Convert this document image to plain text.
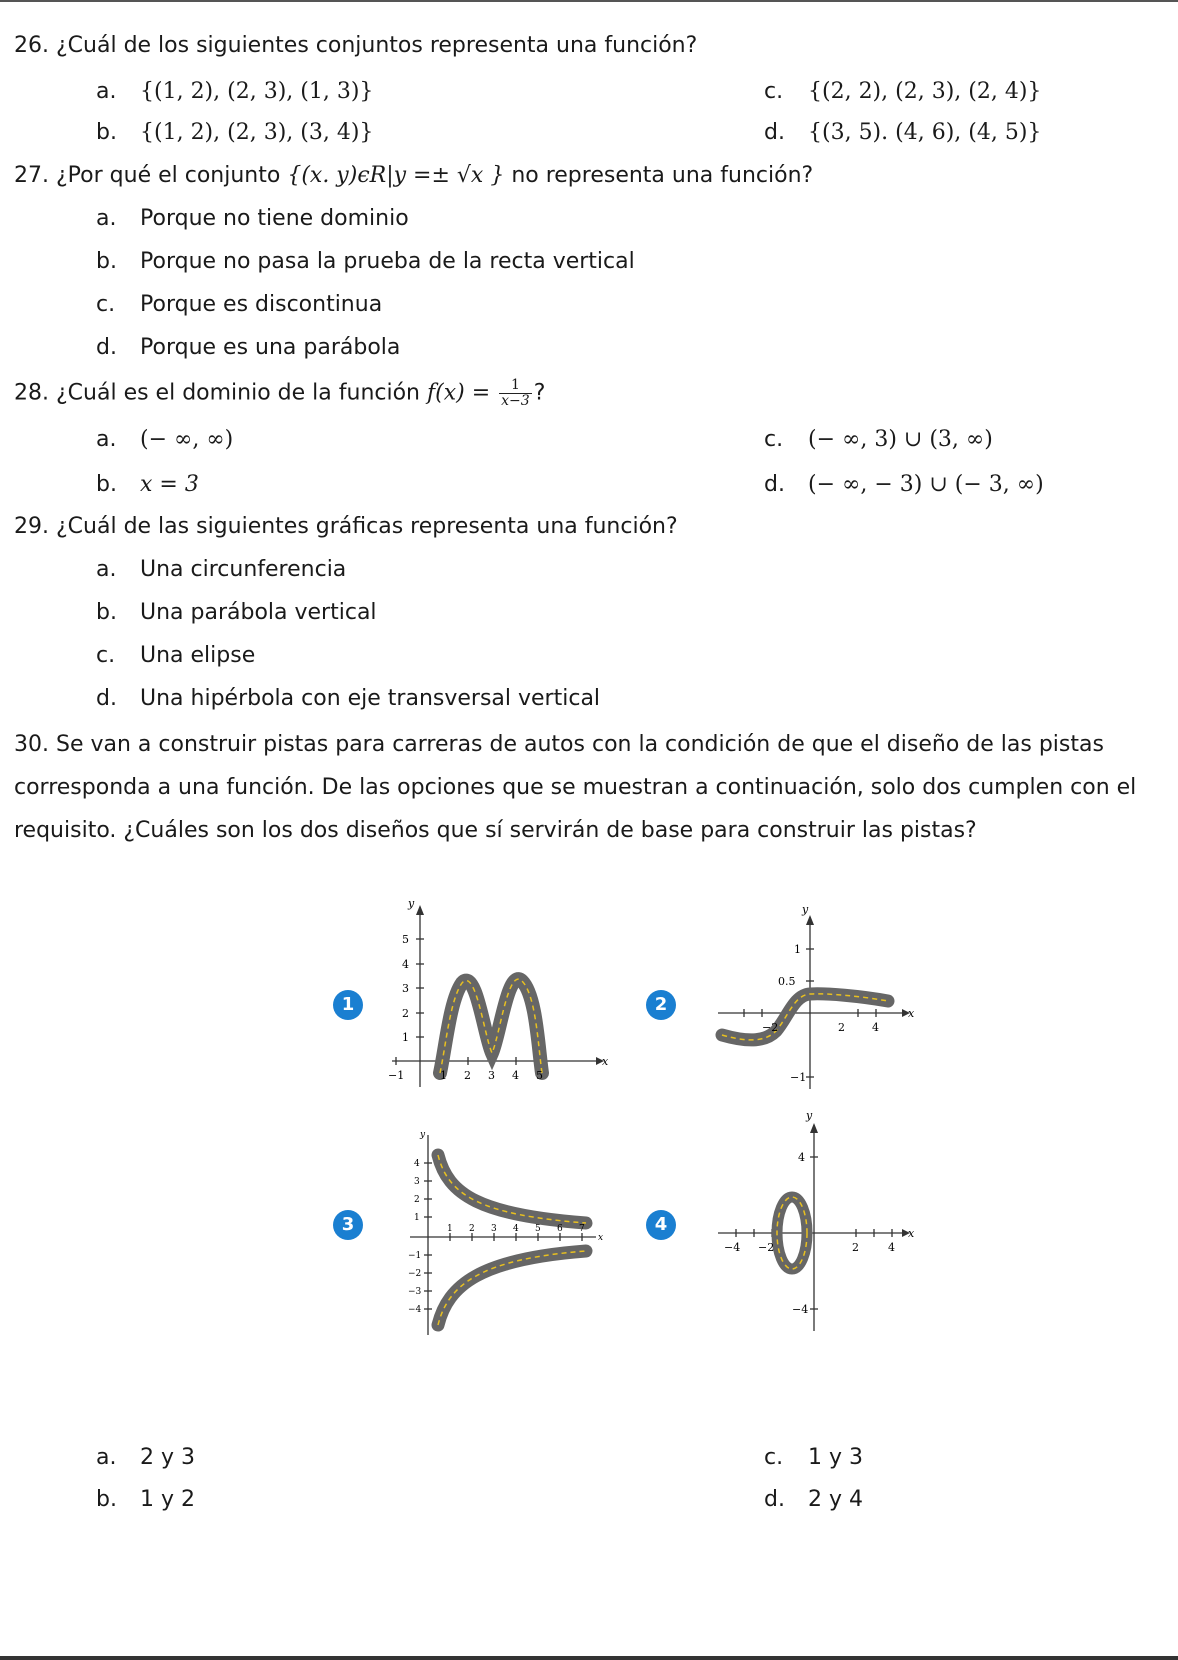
26. ¿Cuál de los siguientes conjuntos representa una función?
a. {(1, 2), (2, 3), (1, 3)}
b. {(1, 2), (2, 3), (3, 4)}
c. {(2, 2), (2, 3), (2, 4)}
d. {(3, 5). (4, 6), (4, 5)}
27. ¿Por qué el conjunto {(x. y)ϵR|y =± √x } no representa una función?
a. Porque no tiene dominio
b. Porque no pasa la prueba de la recta vertical
c. Porque es discontinua
d. Porque es una parábola
28. ¿Cuál es el dominio de la función $f(x) = \frac{1}{x-3}$ ?
a. (− ∞, ∞)
b. x = 3
c. (− ∞, 3) ∪ (3, ∞)
d. (− ∞, − 3) ∪ (− 3, ∞)
29. ¿Cuál de las siguientes gráficas representa una función?
a. Una circunferencia
b. Una parábola vertical
c. Una elipse
d. Una hipérbola con eje transversal vertical
30. Se van a construir pistas para carreras de autos con la condición de que el diseño de las pistas corresponda a una función. De las opciones que se muestran a continuación, solo dos cumplen con el requisito. ¿Cuáles son los dos diseños que sí servirán de base para construir las pistas?
1	2
3	4
y
x
5
4
3
2
1
−1	1 2 3 4 5
y
x
1
0.5
−1
−2	2 4
y
x
4
3
2
1
−1
−2
−3
−4
1 2 3 4 5 6 7
y
x
4
−4
−4 −2	2	4
a. 2 y 3
b. 1 y 2
c. 1 y 3
d. 2 y 4
